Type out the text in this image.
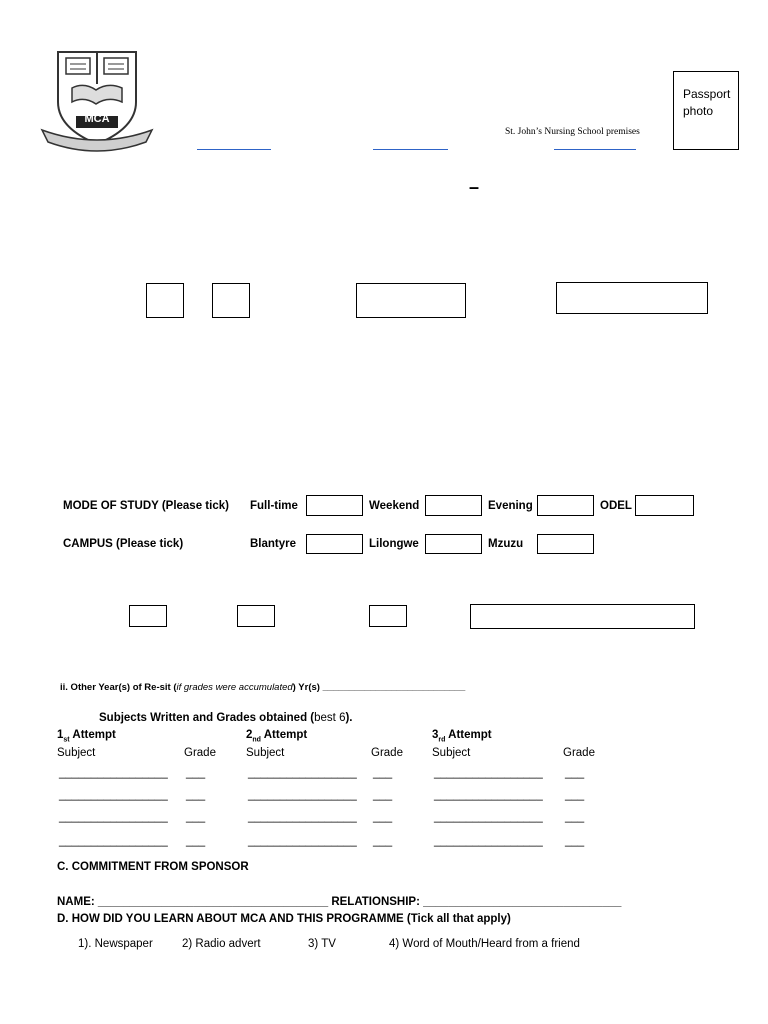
MCA
St. John’s Nursing School premises
Passport photo
–
MODE OF STUDY (Please tick) Full-time	Weekend	Evening	ODEL
CAMPUS (Please tick)	Blantyre	Lilongwe	Mzuzu
ii. Other Year(s) of Re-sit (if grades were accumulated) Yr(s) ___________________________
Subjects Written and Grades obtained (best 6).
$1_{st}$ Attempt
Subject	Grade
_________________ ___
_________________ ___
_________________ ___
_________________ ___
$2_{nd}$ Attempt
Subject	Grade
_________________ ___
_________________ ___
_________________ ___
_________________ ___
$3_{rd}$ Attempt
Subject	Grade
_________________ ___
_________________ ___
_________________ ___
_________________ ___
C. COMMITMENT FROM SPONSOR
NAME: ____________________________________ RELATIONSHIP: _______________________________
D. HOW DID YOU LEARN ABOUT MCA AND THIS PROGRAMME (Tick all that apply)
1). Newspaper	2) Radio advert	3) TV	4) Word of Mouth/Heard from a friend
